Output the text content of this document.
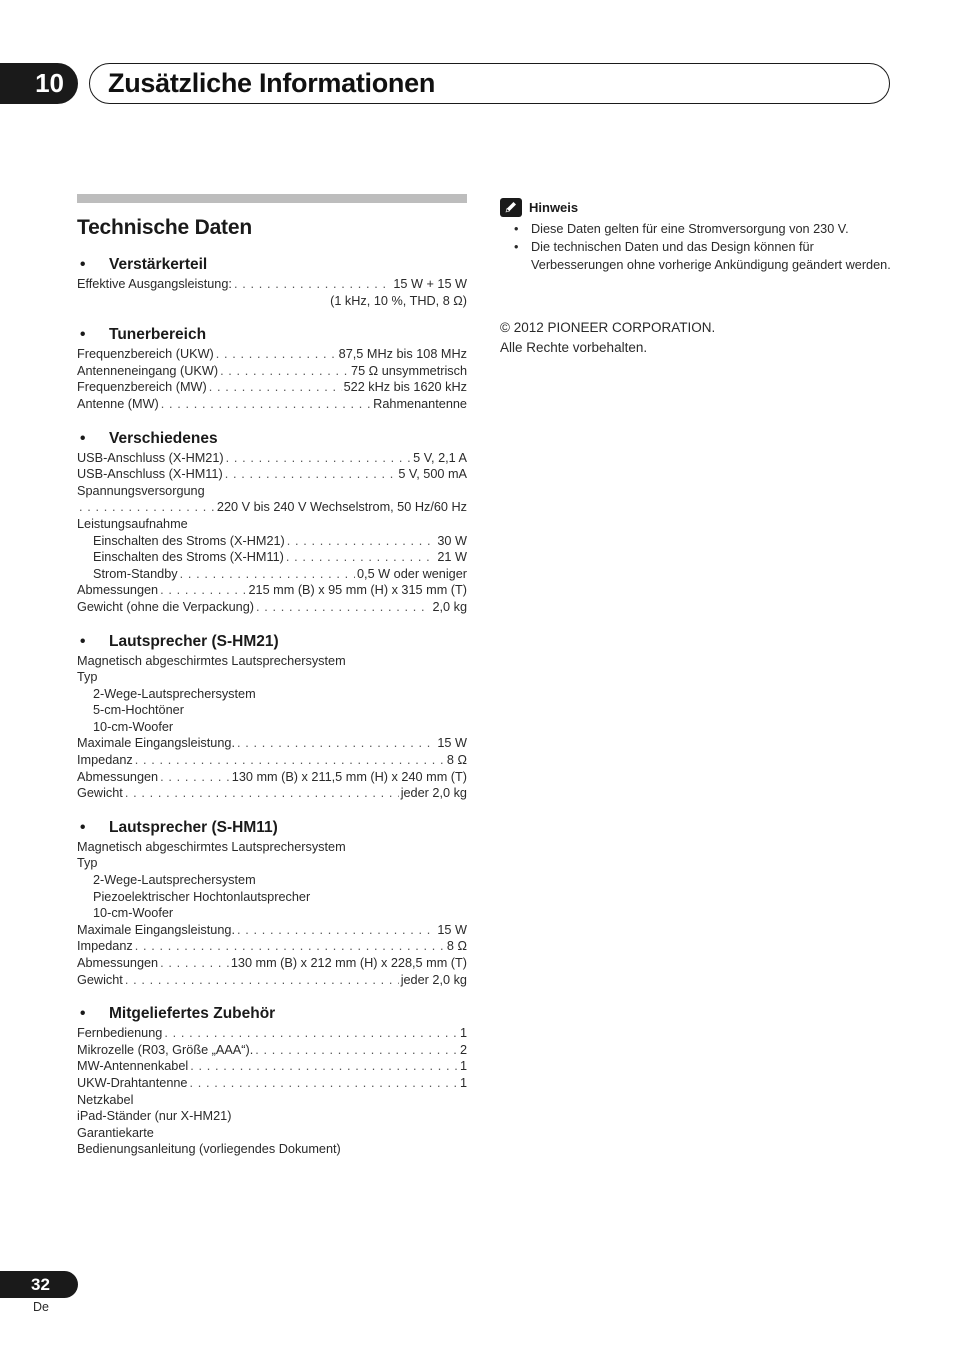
10	Zusätzliche Informationen
Technische Daten
• Verstärkerteil
Effektive Ausgangsleistung: . . .	15 W + 15 W
(1 kHz, 10 %, THD, 8 Ω)
• Tunerbereich
Frequenzbereich (UKW) . . .	87,5 MHz bis 108 MHz
Antenneneingang (UKW) . . .	75 Ω unsymmetrisch
Frequenzbereich (MW) . . .	522 kHz bis 1620 kHz
Antenne (MW) . . .	Rahmenantenne
• Verschiedenes
USB-Anschluss (X-HM21) . . .	5 V, 2,1 A
USB-Anschluss (X-HM11) . . .	5 V, 500 mA
Spannungsversorgung
. . .
220 V bis 240 V Wechselstrom, 50 Hz/60 Hz
Leistungsaufnahme
Einschalten des Stroms (X-HM21) . . .	30 W
Einschalten des Stroms (X-HM11) . . .	21 W
Strom-Standby . . .	0,5 W oder weniger
Abmessungen . . .	215 mm (B) x 95 mm (H) x 315 mm (T)
Gewicht (ohne die Verpackung) . . .	2,0 kg
• Lautsprecher (S-HM21)
Magnetisch abgeschirmtes Lautsprechersystem
Typ
2-Wege-Lautsprechersystem
5-cm-Hochtöner
10-cm-Woofer
Maximale Eingangsleistung. . . .	15 W
Impedanz . . .	8 Ω
Abmessungen . . .	130 mm (B) x 211,5 mm (H) x 240 mm (T)
Gewicht . . .	jeder 2,0 kg
• Lautsprecher (S-HM11)
Magnetisch abgeschirmtes Lautsprechersystem
Typ
2-Wege-Lautsprechersystem
Piezoelektrischer Hochtonlautsprecher
10-cm-Woofer
Maximale Eingangsleistung. . . .	15 W
Impedanz . . .	8 Ω
Abmessungen . . .	130 mm (B) x 212 mm (H) x 228,5 mm (T)
Gewicht . . .	jeder 2,0 kg
• Mitgeliefertes Zubehör
Fernbedienung . . .	1
Mikrozelle (R03, Größe „AAA“). . . .	2
MW-Antennenkabel . . .	1
UKW-Drahtantenne . . .	1
Netzkabel
iPad-Ständer (nur X-HM21)
Garantiekarte
Bedienungsanleitung (vorliegendes Dokument)
Hinweis
• Diese Daten gelten für eine Stromversorgung von 230 V.
• Die technischen Daten und das Design können für Verbesserungen ohne vorherige Ankündigung geändert werden.
© 2012 PIONEER CORPORATION.
Alle Rechte vorbehalten.
32
De
